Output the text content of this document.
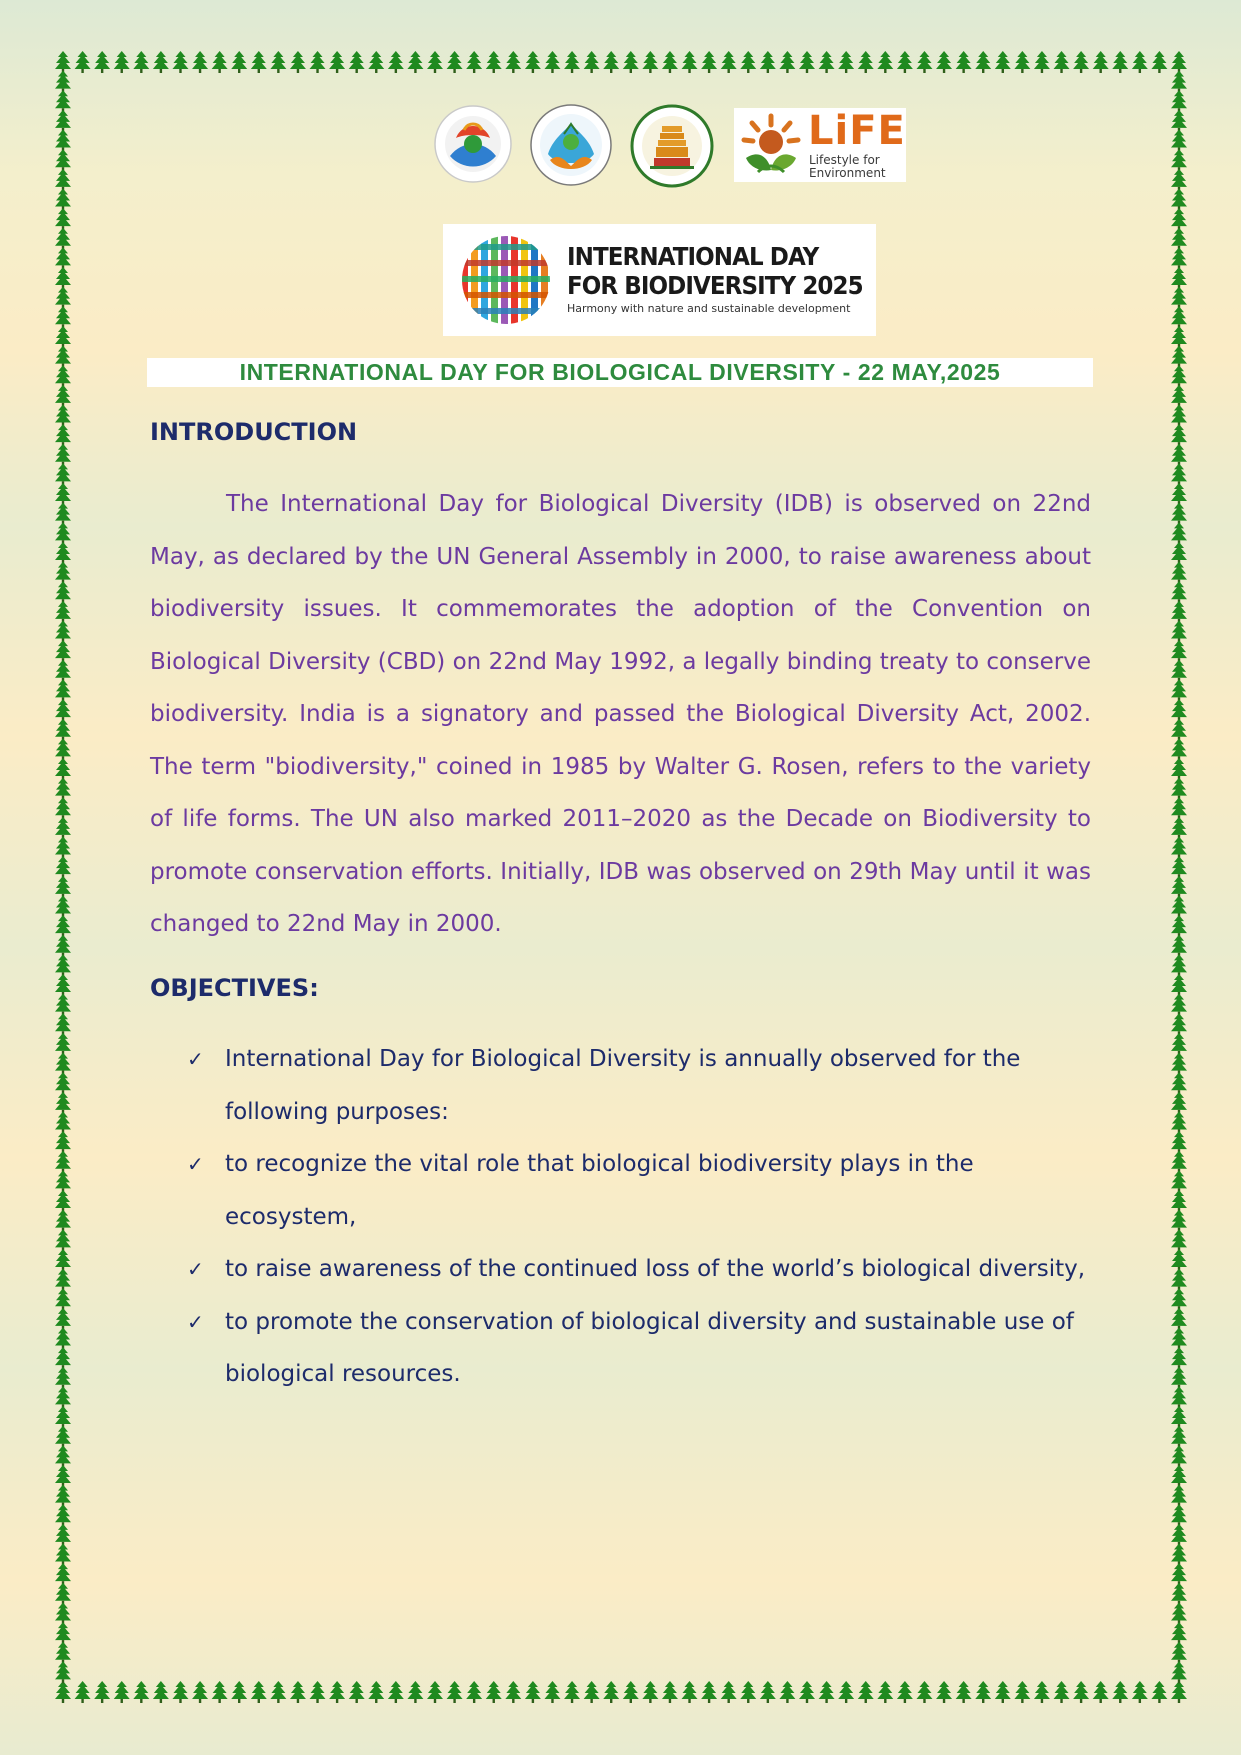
LiFE
Lifestyle for Environment
INTERNATIONAL DAY
FOR BIODIVERSITY 2025
Harmony with nature and sustainable development
INTERNATIONAL DAY FOR BIOLOGICAL DIVERSITY - 22 MAY,2025
INTRODUCTION

The International Day for Biological Diversity (IDB) is observed on 22nd May, as declared by the UN General Assembly in 2000, to raise awareness about biodiversity issues. It commemorates the adoption of the Convention on Biological Diversity (CBD) on 22nd May 1992, a legally binding treaty to conserve biodiversity. India is a signatory and passed the Biological Diversity Act, 2002. The term "biodiversity," coined in 1985 by Walter G. Rosen, refers to the variety of life forms. The UN also marked 2011–2020 as the Decade on Biodiversity to promote conservation efforts. Initially, IDB was observed on 29th May until it was changed to 22nd May in 2000.

OBJECTIVES:
✓ International Day for Biological Diversity is annually observed for the following purposes:
✓ to recognize the vital role that biological biodiversity plays in the ecosystem,
✓ to raise awareness of the continued loss of the world’s biological diversity,
✓ to promote the conservation of biological diversity and sustainable use of biological resources.
